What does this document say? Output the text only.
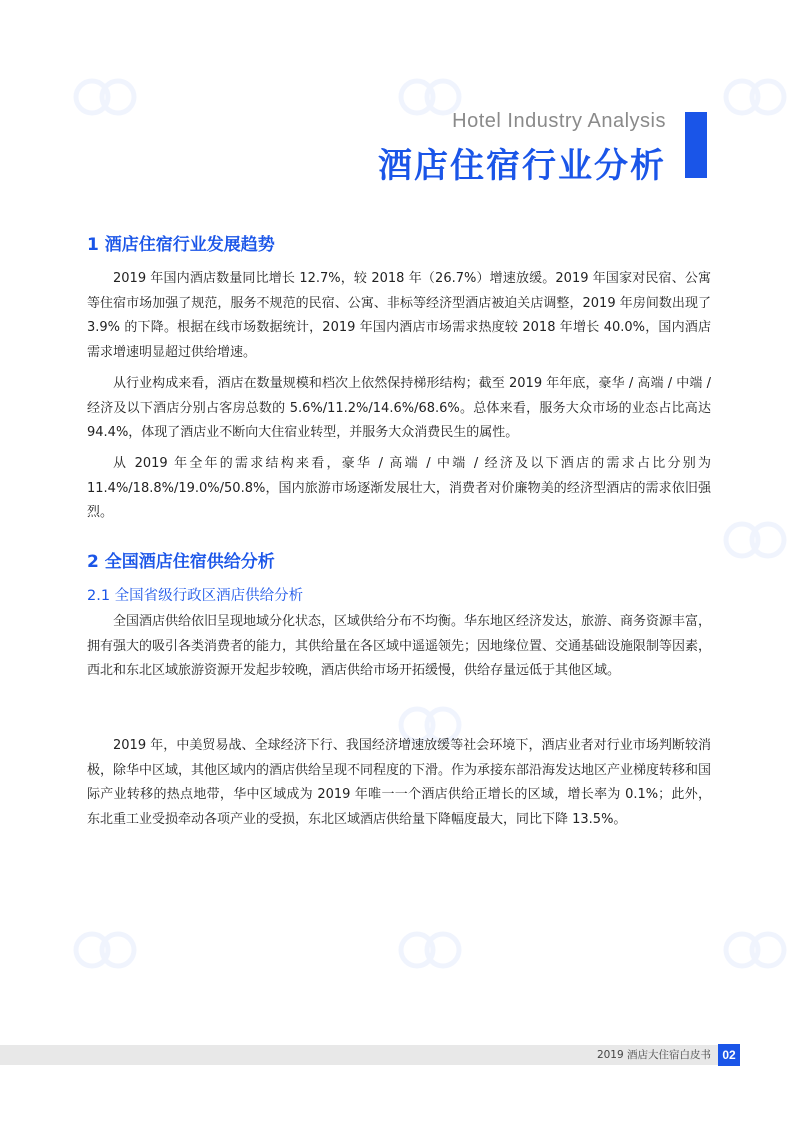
Hotel Industry Analysis
酒店住宿行业分析
1 酒店住宿行业发展趋势

2019 年国内酒店数量同比增长 12.7%，较 2018 年（26.7%）增速放缓。2019 年国家对民宿、公寓等住宿市场加强了规范，服务不规范的民宿、公寓、非标等经济型酒店被迫关店调整，2019 年房间数出现了 3.9% 的下降。根据在线市场数据统计，2019 年国内酒店市场需求热度较 2018 年增长 40.0%，国内酒店需求增速明显超过供给增速。

从行业构成来看，酒店在数量规模和档次上依然保持梯形结构；截至 2019 年年底，豪华 / 高端 / 中端 / 经济及以下酒店分别占客房总数的 5.6%/11.2%/14.6%/68.6%。总体来看，服务大众市场的业态占比高达 94.4%，体现了酒店业不断向大住宿业转型，并服务大众消费民生的属性。

从 2019 年全年的需求结构来看，豪华 / 高端 / 中端 / 经济及以下酒店的需求占比分别为 11.4%/18.8%/19.0%/50.8%，国内旅游市场逐渐发展壮大，消费者对价廉物美的经济型酒店的需求依旧强烈。

2 全国酒店住宿供给分析
2.1 全国省级行政区酒店供给分析

全国酒店供给依旧呈现地域分化状态，区域供给分布不均衡。华东地区经济发达，旅游、商务资源丰富，拥有强大的吸引各类消费者的能力，其供给量在各区域中遥遥领先；因地缘位置、交通基础设施限制等因素，西北和东北区域旅游资源开发起步较晚，酒店供给市场开拓缓慢，供给存量远低于其他区域。

2019 年，中美贸易战、全球经济下行、我国经济增速放缓等社会环境下，酒店业者对行业市场判断较消极，除华中区域，其他区域内的酒店供给呈现不同程度的下滑。作为承接东部沿海发达地区产业梯度转移和国际产业转移的热点地带，华中区域成为 2019 年唯一一个酒店供给正增长的区域，增长率为 0.1%；此外，东北重工业受损牵动各项产业的受损，东北区域酒店供给量下降幅度最大，同比下降 13.5%。

2019 酒店大住宿白皮书 02
